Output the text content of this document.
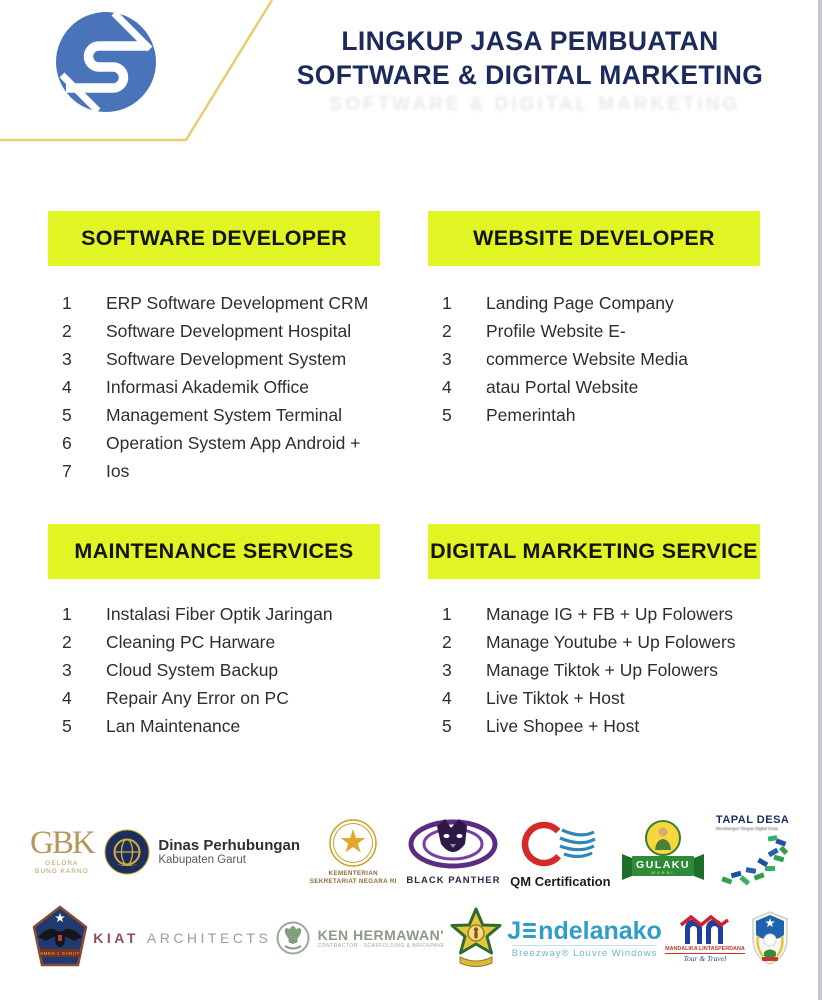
LINGKUP JASA PEMBUATAN
SOFTWARE & DIGITAL MARKETING
SOFTWARE & DIGITAL MARKETING
SOFTWARE DEVELOPER	WEBSITE DEVELOPER
MAINTENANCE SERVICES	DIGITAL MARKETING SERVICE
1	ERP Software Development CRM
2	Software Development Hospital
3	Software Development System
4	Informasi Akademik Office
5	Management System Terminal
6	Operation System App Android +
7	Ios
1	Landing Page Company
2	Profile Website E-
3	commerce Website Media
4	atau Portal Website
5	Pemerintah
1	Instalasi Fiber Optik Jaringan
2	Cleaning PC Harware
3	Cloud System Backup
4	Repair Any Error on PC
5	Lan Maintenance
1	Manage IG + FB + Up Folowers
2	Manage Youtube + Up Folowers
3	Manage Tiktok + Up Folowers
4	Live Tiktok + Host
5	Live Shopee + Host
GBK
GELORA
BUNG KARNO
Dinas Perhubungan
Kabupaten Garut
KEMENTERIAN
SEKRETARIAT NEGARA RI BLACK PANTHER QM Certification
GULAKU
MURNI
TAPAL DESA
Membangun Tangan Digital Desa
SMKN 1 GARUT
KIAT ARCHITECTS	KEN HERMAWAN'
CONTRACTOR · SCAFFOLDING & BRICKPAVE
J ndelanako
Breezway® Louvre Windows MANDALIKA LINTASPERDANA
Tour & Travel
